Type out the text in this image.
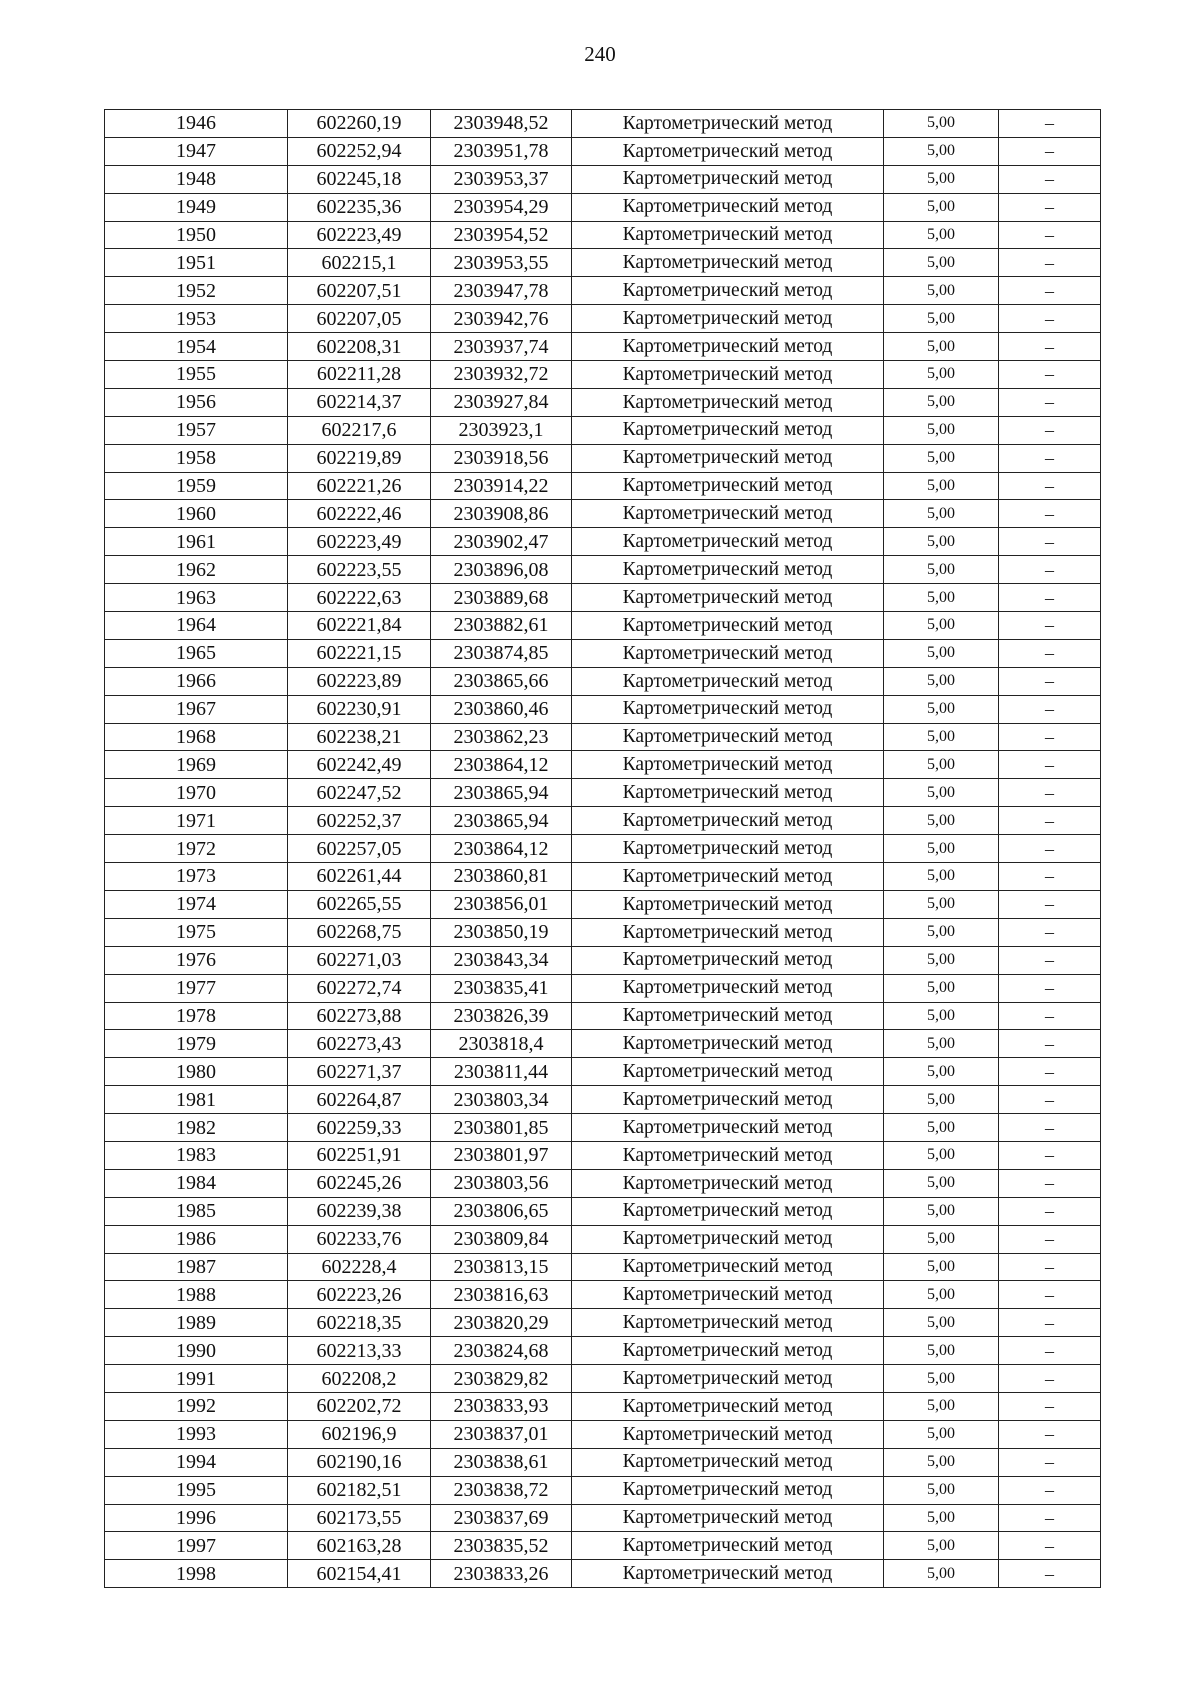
240
1946	602260,19	2303948,52	Картометрический метод	5,00	–
1947	602252,94	2303951,78	Картометрический метод	5,00	–
1948	602245,18	2303953,37	Картометрический метод	5,00	–
1949	602235,36	2303954,29	Картометрический метод	5,00	–
1950	602223,49	2303954,52	Картометрический метод	5,00	–
1951	602215,1	2303953,55	Картометрический метод	5,00	–
1952	602207,51	2303947,78	Картометрический метод	5,00	–
1953	602207,05	2303942,76	Картометрический метод	5,00	–
1954	602208,31	2303937,74	Картометрический метод	5,00	–
1955	602211,28	2303932,72	Картометрический метод	5,00	–
1956	602214,37	2303927,84	Картометрический метод	5,00	–
1957	602217,6	2303923,1	Картометрический метод	5,00	–
1958	602219,89	2303918,56	Картометрический метод	5,00	–
1959	602221,26	2303914,22	Картометрический метод	5,00	–
1960	602222,46	2303908,86	Картометрический метод	5,00	–
1961	602223,49	2303902,47	Картометрический метод	5,00	–
1962	602223,55	2303896,08	Картометрический метод	5,00	–
1963	602222,63	2303889,68	Картометрический метод	5,00	–
1964	602221,84	2303882,61	Картометрический метод	5,00	–
1965	602221,15	2303874,85	Картометрический метод	5,00	–
1966	602223,89	2303865,66	Картометрический метод	5,00	–
1967	602230,91	2303860,46	Картометрический метод	5,00	–
1968	602238,21	2303862,23	Картометрический метод	5,00	–
1969	602242,49	2303864,12	Картометрический метод	5,00	–
1970	602247,52	2303865,94	Картометрический метод	5,00	–
1971	602252,37	2303865,94	Картометрический метод	5,00	–
1972	602257,05	2303864,12	Картометрический метод	5,00	–
1973	602261,44	2303860,81	Картометрический метод	5,00	–
1974	602265,55	2303856,01	Картометрический метод	5,00	–
1975	602268,75	2303850,19	Картометрический метод	5,00	–
1976	602271,03	2303843,34	Картометрический метод	5,00	–
1977	602272,74	2303835,41	Картометрический метод	5,00	–
1978	602273,88	2303826,39	Картометрический метод	5,00	–
1979	602273,43	2303818,4	Картометрический метод	5,00	–
1980	602271,37	2303811,44	Картометрический метод	5,00	–
1981	602264,87	2303803,34	Картометрический метод	5,00	–
1982	602259,33	2303801,85	Картометрический метод	5,00	–
1983	602251,91	2303801,97	Картометрический метод	5,00	–
1984	602245,26	2303803,56	Картометрический метод	5,00	–
1985	602239,38	2303806,65	Картометрический метод	5,00	–
1986	602233,76	2303809,84	Картометрический метод	5,00	–
1987	602228,4	2303813,15	Картометрический метод	5,00	–
1988	602223,26	2303816,63	Картометрический метод	5,00	–
1989	602218,35	2303820,29	Картометрический метод	5,00	–
1990	602213,33	2303824,68	Картометрический метод	5,00	–
1991	602208,2	2303829,82	Картометрический метод	5,00	–
1992	602202,72	2303833,93	Картометрический метод	5,00	–
1993	602196,9	2303837,01	Картометрический метод	5,00	–
1994	602190,16	2303838,61	Картометрический метод	5,00	–
1995	602182,51	2303838,72	Картометрический метод	5,00	–
1996	602173,55	2303837,69	Картометрический метод	5,00	–
1997	602163,28	2303835,52	Картометрический метод	5,00	–
1998	602154,41	2303833,26	Картометрический метод	5,00	–
